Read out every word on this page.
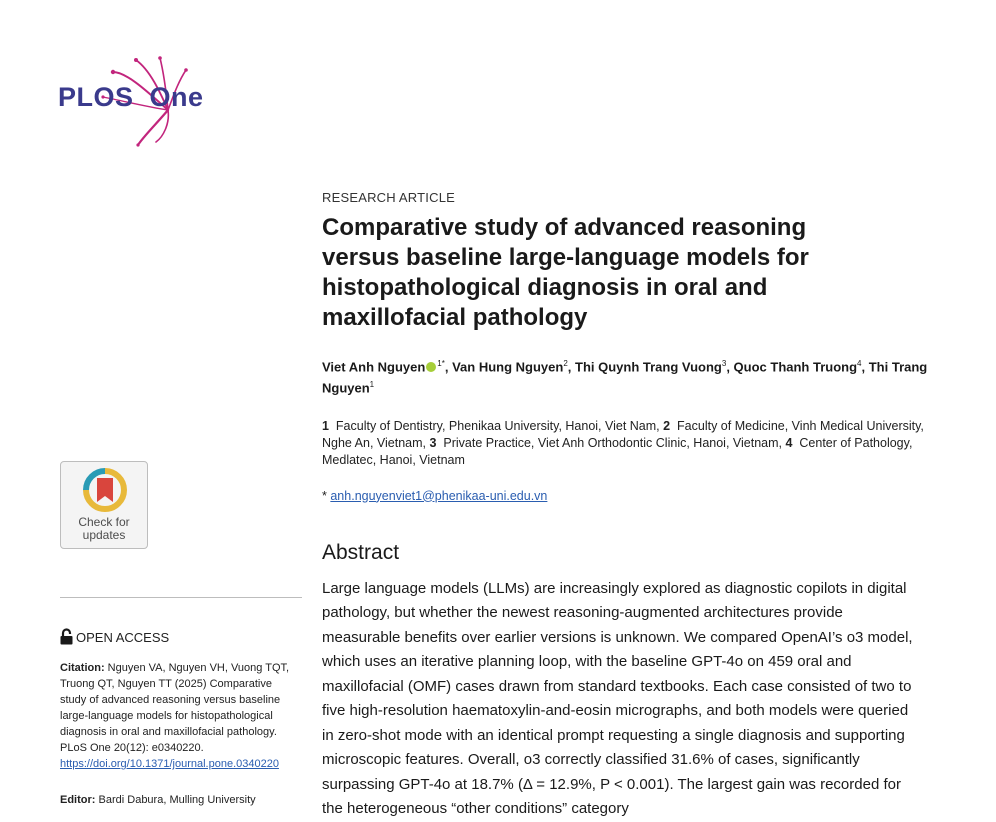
PLOS One

RESEARCH ARTICLE

Comparative study of advanced reasoning versus baseline large-language models for histopathological diagnosis in oral and maxillofacial pathology

Viet Anh Nguyen $^{1*}$, Van Hung Nguyen$^2$, Thi Quynh Trang Vuong$^3$, Quoc Thanh Truong$^4$, Thi Trang Nguyen$^1$

1 Faculty of Dentistry, Phenikaa University, Hanoi, Viet Nam, 2 Faculty of Medicine, Vinh Medical University, Nghe An, Vietnam, 3 Private Practice, Viet Anh Orthodontic Clinic, Hanoi, Vietnam, 4 Center of Pathology, Medlatec, Hanoi, Vietnam

* anh.nguyenviet1@phenikaa-uni.edu.vn

Abstract

Large language models (LLMs) are increasingly explored as diagnostic copilots in digital pathology, but whether the newest reasoning-augmented architectures provide measurable benefits over earlier versions is unknown. We compared OpenAI’s o3 model, which uses an iterative planning loop, with the baseline GPT-4o on 459 oral and maxillofacial (OMF) cases drawn from standard textbooks. Each case consisted of two to five high-resolution haematoxylin-and-eosin micrographs, and both models were queried in zero-shot mode with an identical prompt requesting a single diagnosis and supporting microscopic features. Overall, o3 correctly classified 31.6% of cases, significantly surpassing GPT-4o at 18.7% (Δ = 12.9%, P < 0.001). The largest gain was recorded for the heterogeneous “other conditions” category

Check for
updates
OPEN ACCESS
Citation: Nguyen VA, Nguyen VH, Vuong TQT, Truong QT, Nguyen TT (2025) Comparative study of advanced reasoning versus baseline large-language models for histopathological diagnosis in oral and maxillofacial pathology. PLoS One 20(12): e0340220. https://doi.org/10.1371/journal.pone.0340220
Editor: Bardi Dabura, Mulling University
